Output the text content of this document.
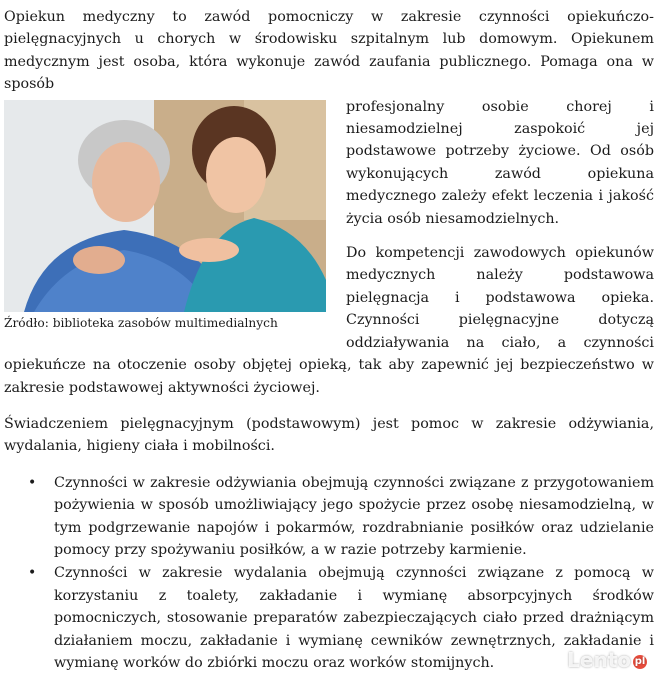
Opiekun medyczny to zawód pomocniczy w zakresie czynności opiekuńczo-pielęgnacyjnych u chorych w środowisku szpitalnym lub domowym. Opiekunem medycznym jest osoba, która wykonuje zawód zaufania publicznego. Pomaga ona w sposób

Źródło: biblioteka zasobów multimedialnych

profesjonalny osobie chorej i niesamodzielnej zaspokoić jej podstawowe potrzeby życiowe. Od osób wykonujących zawód opiekuna medycznego zależy efekt leczenia i jakość życia osób niesamodzielnych.

Do kompetencji zawodowych opiekunów medycznych należy podstawowa pielęgnacja i podstawowa opieka. Czynności pielęgnacyjne dotyczą oddziaływania na ciało, a czynności opiekuńcze na otoczenie osoby objętej opieką, tak aby zapewnić jej bezpieczeństwo w zakresie podstawowej aktywności życiowej.

Świadczeniem pielęgnacyjnym (podstawowym) jest pomoc w zakresie odżywiania, wydalania, higieny ciała i mobilności.

• Czynności w zakresie odżywiania obejmują czynności związane z przygotowaniem pożywienia w sposób umożliwiający jego spożycie przez osobę niesamodzielną, w tym podgrzewanie napojów i pokarmów, rozdrabnianie posiłków oraz udzielanie pomocy przy spożywaniu posiłków, a w razie potrzeby karmienie.
• Czynności w zakresie wydalania obejmują czynności związane z pomocą w korzystaniu z toalety, zakładanie i wymianę absorpcyjnych środków pomocniczych, stosowanie preparatów zabezpieczających ciało przed drażniącym działaniem moczu, zakładanie i wymianę cewników zewnętrznych, zakładanie i wymianę worków do zbiórki moczu oraz worków stomijnych.	Lento pl
